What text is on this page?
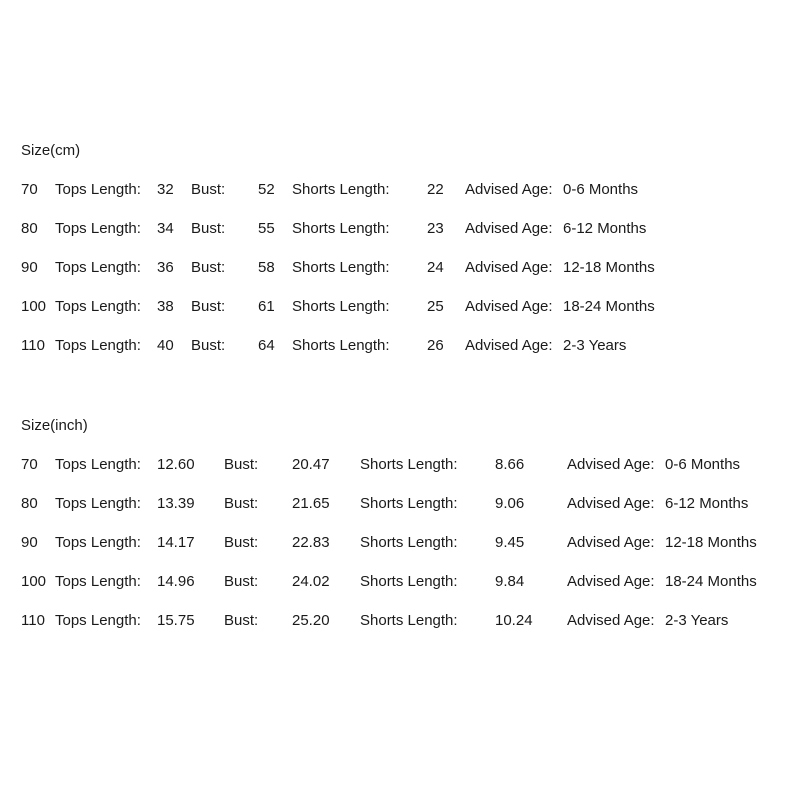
Size(cm)
70 Tops Length: 32 Bust: 52 Shorts Length: 22 Advised Age: 0-6 Months
80 Tops Length: 34 Bust: 55 Shorts Length: 23 Advised Age: 6-12 Months
90 Tops Length: 36 Bust: 58 Shorts Length: 24 Advised Age: 12-18 Months
100 Tops Length: 38 Bust: 61 Shorts Length: 25 Advised Age: 18-24 Months
110 Tops Length: 40 Bust: 64 Shorts Length: 26 Advised Age: 2-3 Years
Size(inch)
70 Tops Length: 12.60 Bust: 20.47 Shorts Length: 8.66	Advised Age: 0-6 Months
80 Tops Length: 13.39 Bust: 21.65 Shorts Length: 9.06	Advised Age: 6-12 Months
90 Tops Length: 14.17 Bust: 22.83 Shorts Length: 9.45	Advised Age: 12-18 Months
100 Tops Length: 14.96 Bust: 24.02 Shorts Length: 9.84	Advised Age: 18-24 Months
110 Tops Length: 15.75 Bust: 25.20 Shorts Length: 10.24 Advised Age: 2-3 Years
